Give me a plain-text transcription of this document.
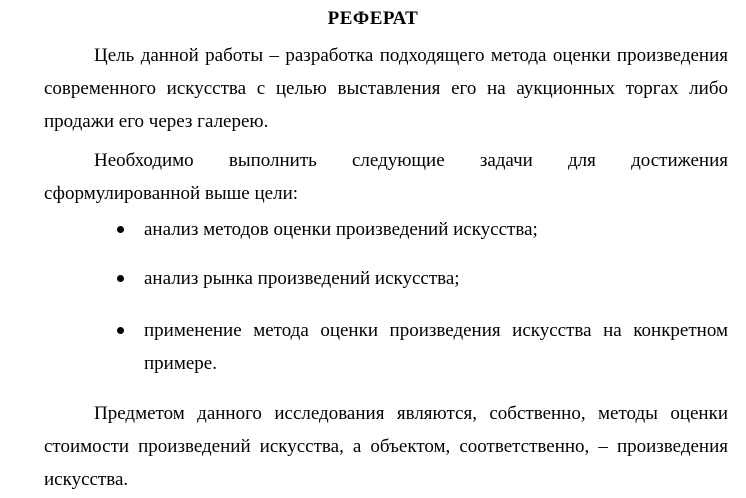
РЕФЕРАТ
Цель данной работы – разработка подходящего метода оценки произведения современного искусства с целью выставления его на аукционных торгах либо продажи его через галерею.
Необходимо выполнить следующие задачи для достижения сформулированной выше цели:
анализ методов оценки произведений искусства;
анализ рынка произведений искусства;
применение метода оценки произведения искусства на конкретном примере.
Предметом данного исследования являются, собственно, методы оценки стоимости произведений искусства, а объектом, соответственно, – произведения искусства.
